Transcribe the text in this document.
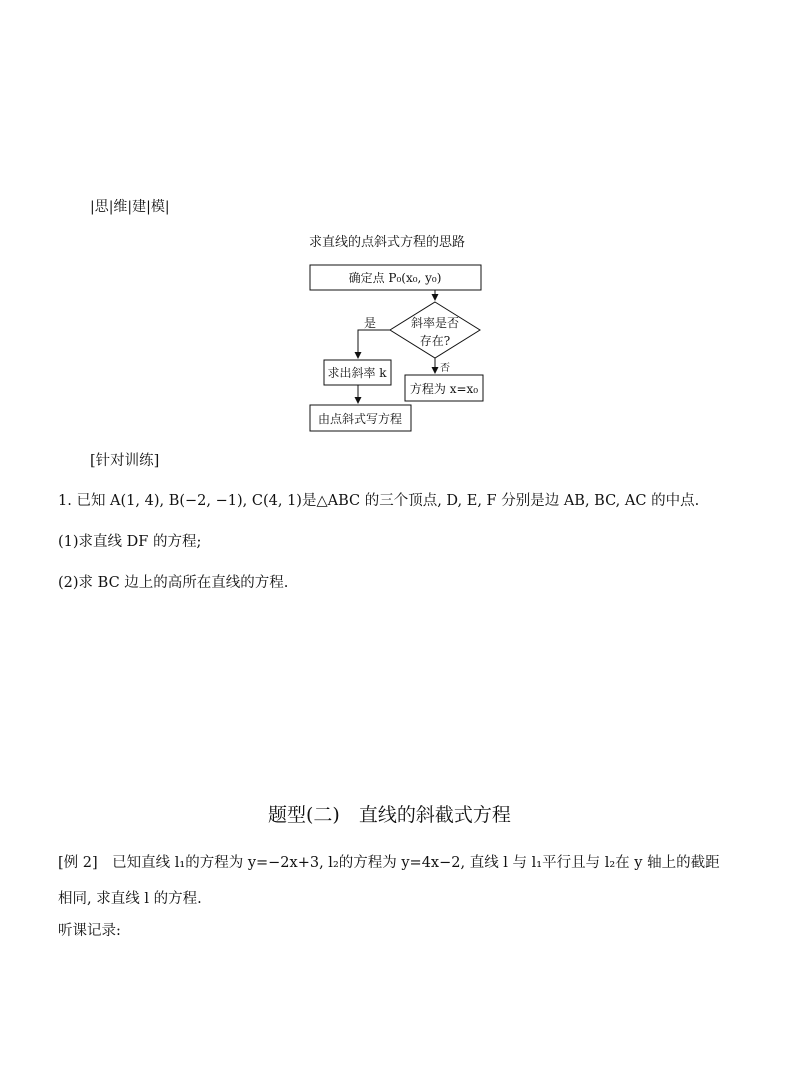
|思|维|建|模|
求直线的点斜式方程的思路
确定点 P₀(x₀, y₀)
斜率是否
存在?
是
否
求出斜率 k
方程为 x=x₀
由点斜式写方程
[针对训练]
1. 已知 A(1, 4), B(−2, −1), C(4, 1)是△ABC 的三个顶点, D, E, F 分别是边 AB, BC, AC 的中点.
(1)求直线 DF 的方程;
(2)求 BC 边上的高所在直线的方程.
题型(二)　直线的斜截式方程
[例 2]　已知直线 l₁的方程为 y=−2x+3, l₂的方程为 y=4x−2, 直线 l 与 l₁平行且与 l₂在 y 轴上的截距
相同, 求直线 l 的方程.
听课记录:
